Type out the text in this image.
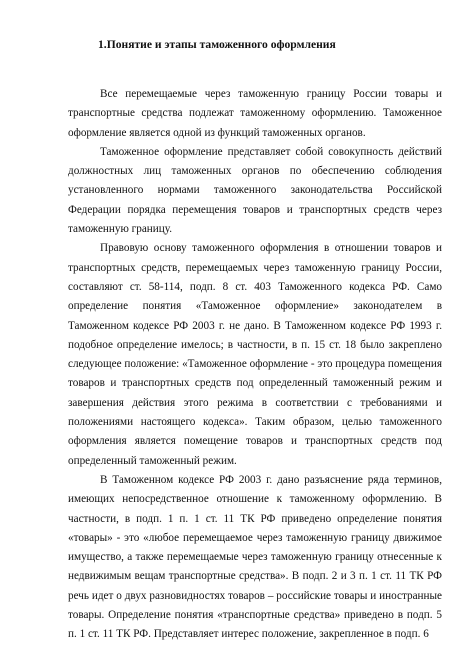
1.Понятие и этапы таможенного оформления

Все перемещаемые через таможенную границу России товары и транспортные средства подлежат таможенному оформлению. Таможенное оформление является одной из функций таможенных органов.

Таможенное оформление представляет собой совокупность действий должностных лиц таможенных органов по обеспечению соблюдения установленного нормами таможенного законодательства Российской Федерации порядка перемещения товаров и транспортных средств через таможенную границу.

Правовую основу таможенного оформления в отношении товаров и транспортных средств, перемещаемых через таможенную границу России, составляют ст. 58-114, подп. 8 ст. 403 Таможенного кодекса РФ. Само определение понятия «Таможенное оформление» законодателем в Таможенном кодексе РФ 2003 г. не дано. В Таможенном кодексе РФ 1993 г. подобное определение имелось; в частности, в п. 15 ст. 18 было закреплено следующее положение: «Таможенное оформление - это процедура помещения товаров и транспортных средств под определенный таможенный режим и завершения действия этого режима в соответствии с требованиями и положениями настоящего кодекса». Таким образом, целью таможенного оформления является помещение товаров и транспортных средств под определенный таможенный режим.

В Таможенном кодексе РФ 2003 г. дано разъяснение ряда терминов, имеющих непосредственное отношение к таможенному оформлению. В частности, в подп. 1 п. 1 ст. 11 ТК РФ приведено определение понятия «товары» - это «любое перемещаемое через таможенную границу движимое имущество, а также перемещаемые через таможенную границу отнесенные к недвижимым вещам транспортные средства». В подп. 2 и 3 п. 1 ст. 11 ТК РФ речь идет о двух разновидностях товаров – российские товары и иностранные товары. Определение понятия «транспортные средства» приведено в подп. 5 п. 1 ст. 11 ТК РФ. Представляет интерес положение, закрепленное в подп. 6
